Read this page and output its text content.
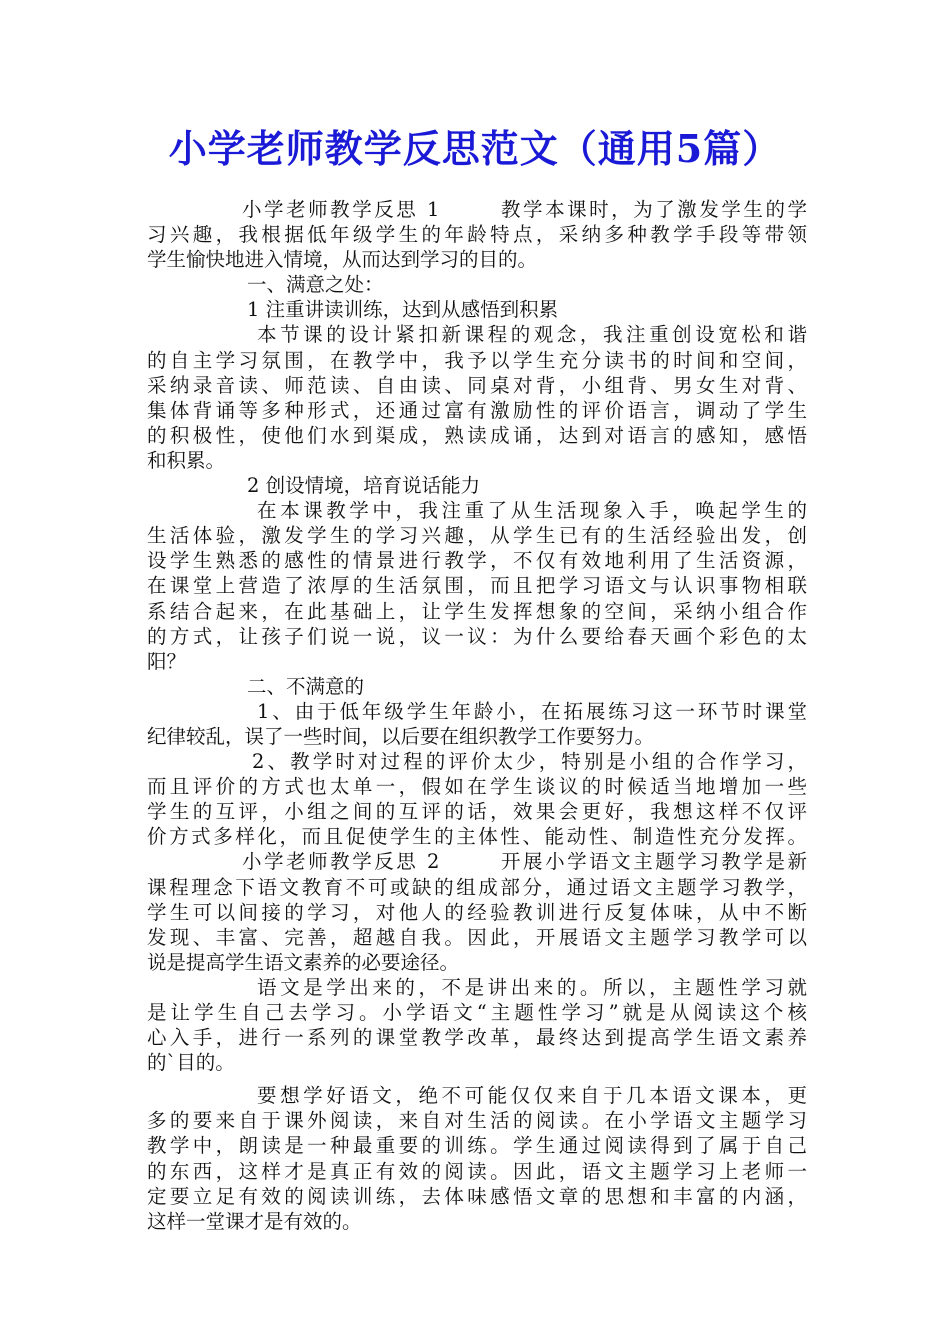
小学老师教学反思范文（通用5篇）
小学老师教学反思 1 　　 教学本课时，为了激发学生的学
习兴趣，我根据低年级学生的年龄特点，采纳多种教学手段等带领
学生愉快地进入情境，从而达到学习的目的。
一、满意之处：
1 注重讲读训练，达到从感悟到积累
本节课的设计紧扣新课程的观念，我注重创设宽松和谐
的自主学习氛围，在教学中，我予以学生充分读书的时间和空间，
采纳录音读、师范读、自由读、同桌对背，小组背、男女生对背、
集体背诵等多种形式，还通过富有激励性的评价语言，调动了学生
的积极性，使他们水到渠成，熟读成诵，达到对语言的感知，感悟
和积累。
2 创设情境，培育说话能力
在本课教学中，我注重了从生活现象入手，唤起学生的
生活体验，激发学生的学习兴趣，从学生已有的生活经验出发，创
设学生熟悉的感性的情景进行教学，不仅有效地利用了生活资源，
在课堂上营造了浓厚的生活氛围，而且把学习语文与认识事物相联
系结合起来，在此基础上，让学生发挥想象的空间，采纳小组合作
的方式，让孩子们说一说，议一议：为什么要给春天画个彩色的太
阳？
二、不满意的
1、由于低年级学生年龄小，在拓展练习这一环节时课堂
纪律较乱，误了一些时间，以后要在组织教学工作要努力。
2、教学时对过程的评价太少，特别是小组的合作学习，
而且评价的方式也太单一，假如在学生谈议的时候适当地增加一些
学生的互评，小组之间的互评的话，效果会更好，我想这样不仅评
价方式多样化，而且促使学生的主体性、能动性、制造性充分发挥。
小学老师教学反思 2 　　 开展小学语文主题学习教学是新
课程理念下语文教育不可或缺的组成部分，通过语文主题学习教学，
学生可以间接的学习，对他人的经验教训进行反复体味，从中不断
发现、丰富、完善，超越自我。因此，开展语文主题学习教学可以
说是提高学生语文素养的必要途径。
语文是学出来的，不是讲出来的。所以，主题性学习就
是让学生自己去学习。小学语文“主题性学习”就是从阅读这个核
心入手，进行一系列的课堂教学改革，最终达到提高学生语文素养
的`目的。
要想学好语文，绝不可能仅仅来自于几本语文课本，更
多的要来自于课外阅读，来自对生活的阅读。在小学语文主题学习
教学中，朗读是一种最重要的训练。学生通过阅读得到了属于自己
的东西，这样才是真正有效的阅读。因此，语文主题学习上老师一
定要立足有效的阅读训练，去体味感悟文章的思想和丰富的内涵，
这样一堂课才是有效的。
